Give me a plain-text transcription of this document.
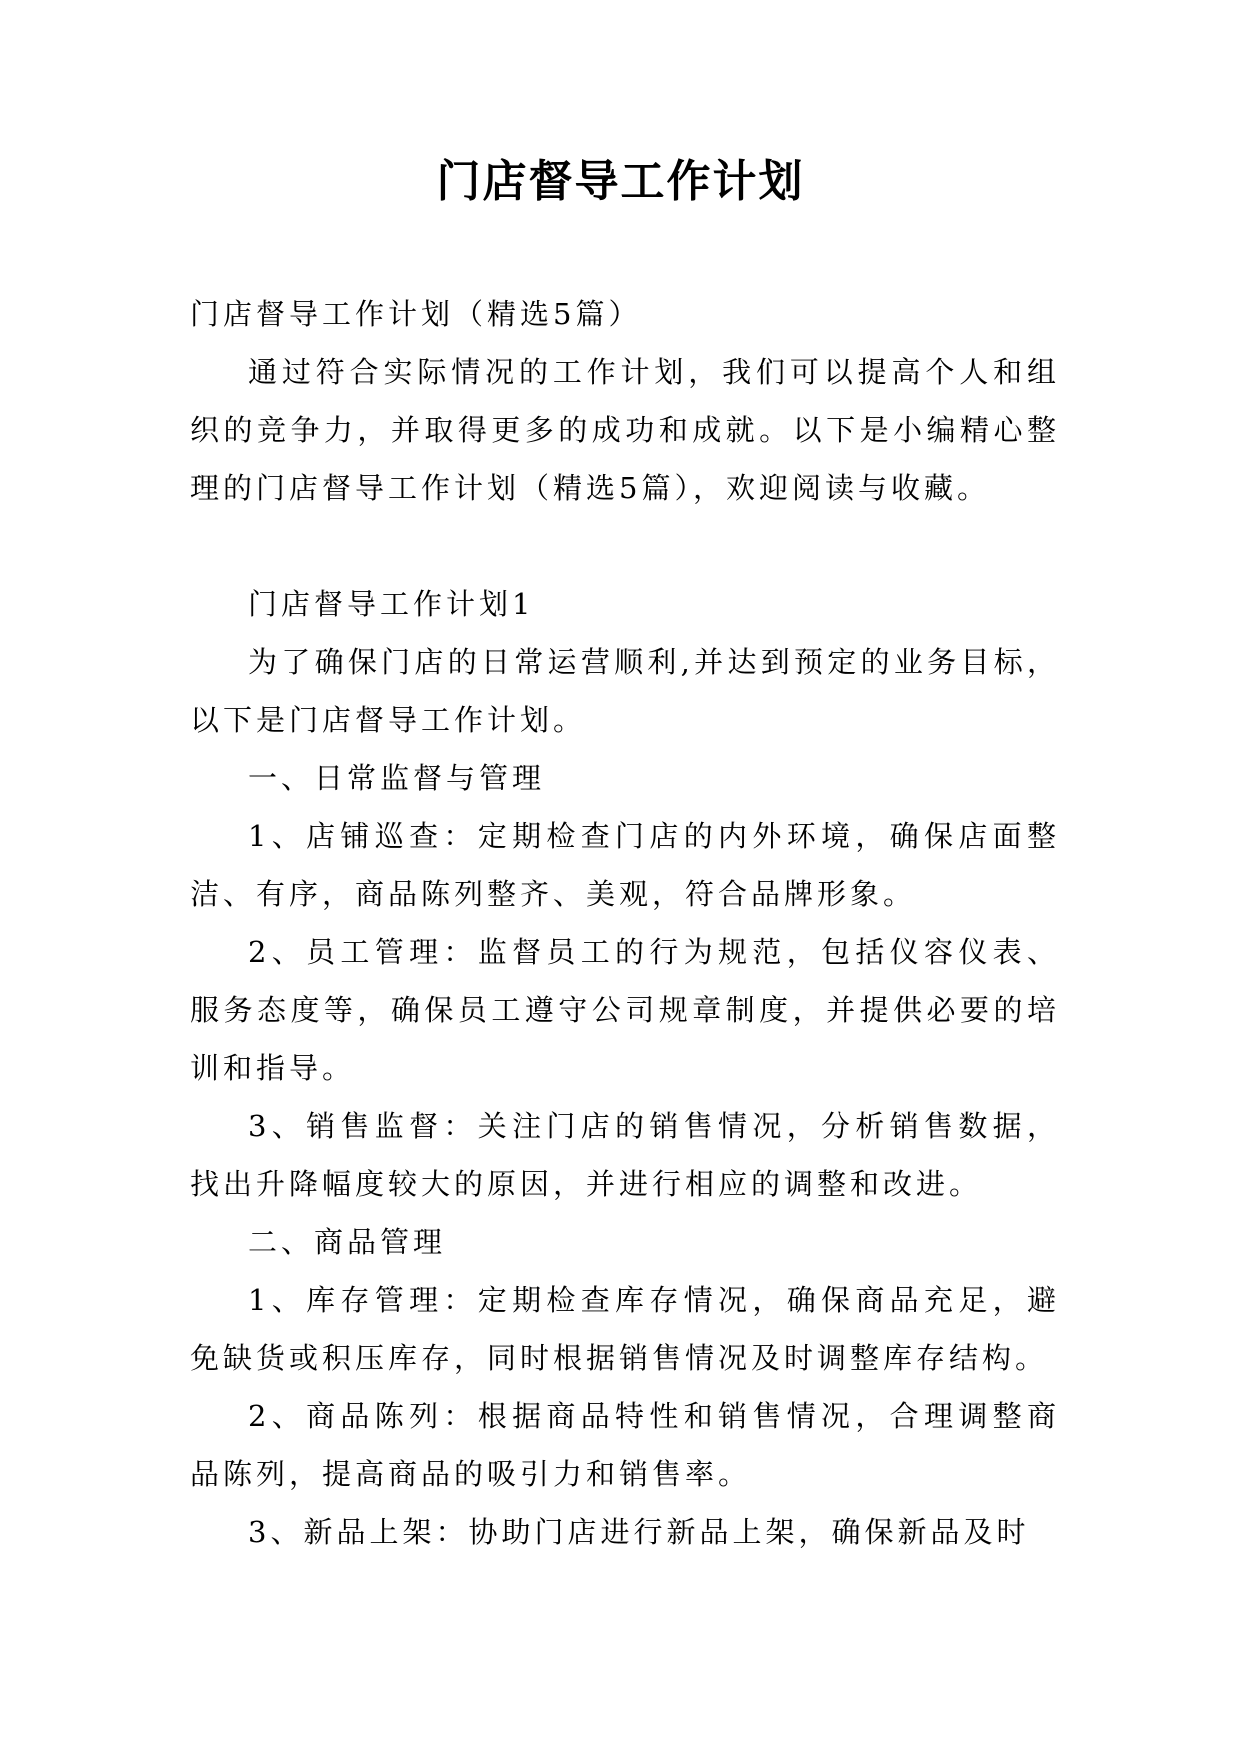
门店督导工作计划

门店督导工作计划（精选5篇）

通过符合实际情况的工作计划，我们可以提高个人和组织的竞争力，并取得更多的成功和成就。以下是小编精心整理的门店督导工作计划（精选5篇），欢迎阅读与收藏。

门店督导工作计划1

为了确保门店的日常运营顺利,并达到预定的业务目标，以下是门店督导工作计划。

一、日常监督与管理

1、店铺巡查：定期检查门店的内外环境，确保店面整洁、有序，商品陈列整齐、美观，符合品牌形象。

2、员工管理：监督员工的行为规范，包括仪容仪表、服务态度等，确保员工遵守公司规章制度，并提供必要的培训和指导。

3、销售监督：关注门店的销售情况，分析销售数据，找出升降幅度较大的原因，并进行相应的调整和改进。

二、商品管理

1、库存管理：定期检查库存情况，确保商品充足，避免缺货或积压库存，同时根据销售情况及时调整库存结构。

2、商品陈列：根据商品特性和销售情况，合理调整商品陈列，提高商品的吸引力和销售率。

3、新品上架：协助门店进行新品上架，确保新品及时
